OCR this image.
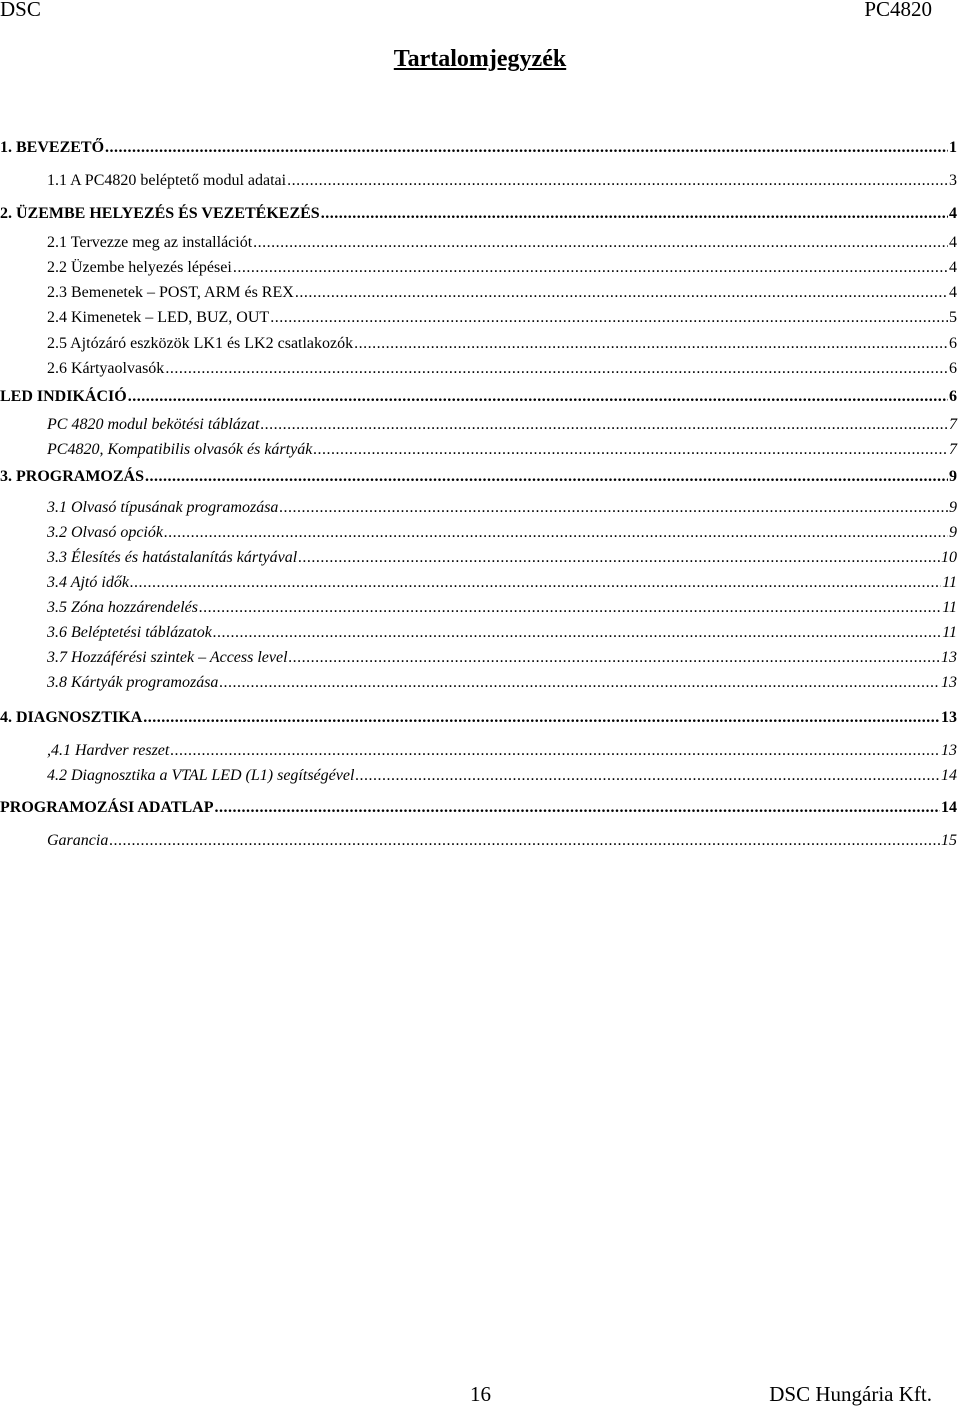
DSC	PC4820
Tartalomjegyzék
1. BEVEZETŐ .....	1
1.1 A PC4820 beléptető modul adatai .....	3
2. ÜZEMBE HELYEZÉS ÉS VEZETÉKEZÉS .....	4
2.1 Tervezze meg az installációt .....	4
2.2 Üzembe helyezés lépései .....	4
2.3 Bemenetek – POST, ARM és REX .....	4
2.4 Kimenetek – LED, BUZ, OUT .....	5
2.5 Ajtózáró eszközök LK1 és LK2 csatlakozók .....	6
2.6 Kártyaolvasók .....	6
LED INDIKÁCIÓ .....	6
PC 4820 modul bekötési táblázat .....	7
PC4820, Kompatibilis olvasók és kártyák .....	7
3. PROGRAMOZÁS .....	9
3.1 Olvasó típusának programozása .....	9
3.2 Olvasó opciók .....	9
3.3 Élesítés és hatástalanítás kártyával .....	10
3.4 Ajtó idők .....	11
3.5 Zóna hozzárendelés .....	11
3.6 Beléptetési táblázatok .....	11
3.7 Hozzáférési szintek – Access level .....	13
3.8 Kártyák programozása .....	13
4. DIAGNOSZTIKA .....	13
,4.1 Hardver reszet .....	13
4.2 Diagnosztika a VTAL LED (L1) segítségével .....	14
PROGRAMOZÁSI ADATLAP .....	14
Garancia .....	15
16	DSC Hungária Kft.
